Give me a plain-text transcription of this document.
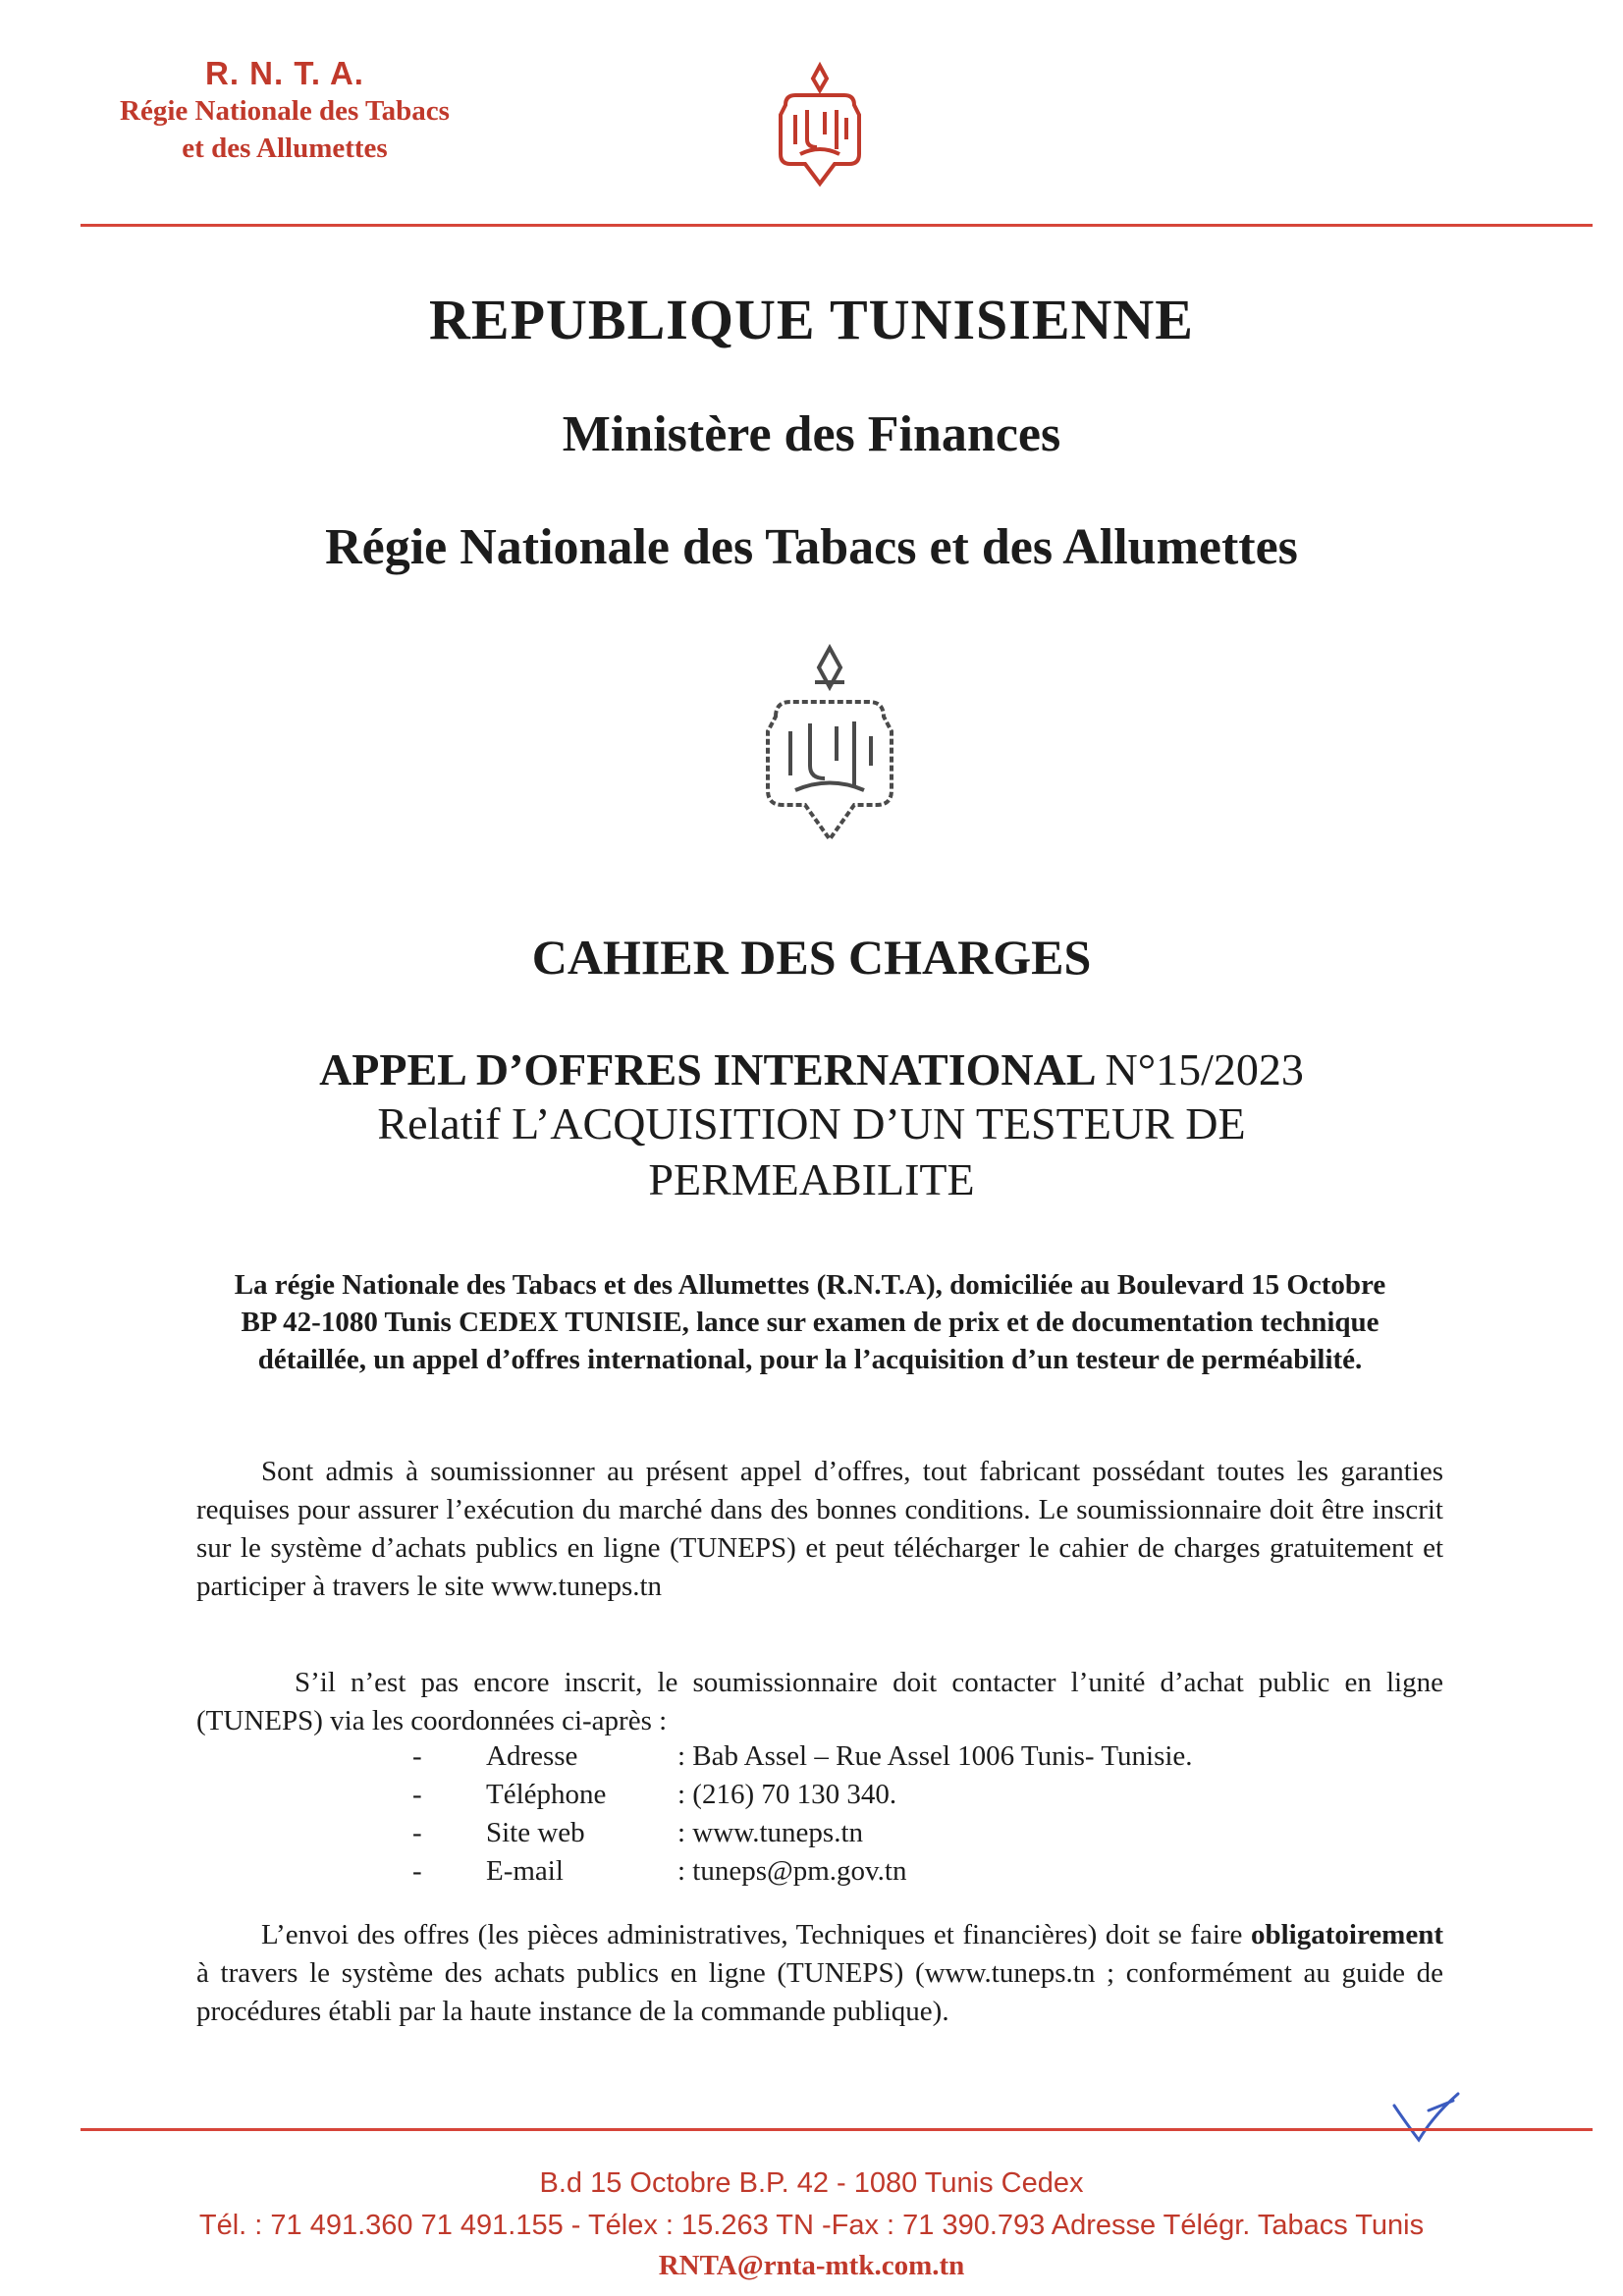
R. N. T. A.
Régie Nationale des Tabacs
et des Allumettes
REPUBLIQUE TUNISIENNE
Ministère des Finances
Régie Nationale des Tabacs et des Allumettes
CAHIER DES CHARGES
APPEL D’OFFRES INTERNATIONAL N°15/2023
Relatif L’ACQUISITION D’UN TESTEUR DE
PERMEABILITE
La régie Nationale des Tabacs et des Allumettes (R.N.T.A), domiciliée au Boulevard 15 Octobre BP 42-1080 Tunis CEDEX TUNISIE, lance sur examen de prix et de documentation technique détaillée, un appel d’offres international, pour la l’acquisition d’un testeur de perméabilité.
Sont admis à soumissionner au présent appel d’offres, tout fabricant possédant toutes les garanties requises pour assurer l’exécution du marché dans des bonnes conditions. Le soumissionnaire doit être inscrit sur le système d’achats publics en ligne (TUNEPS) et peut télécharger le cahier de charges gratuitement et participer à travers le site www.tuneps.tn
S’il n’est pas encore inscrit, le soumissionnaire doit contacter l’unité d’achat public en ligne (TUNEPS) via les coordonnées ci-après :
-	Adresse	: Bab Assel – Rue Assel 1006 Tunis- Tunisie.
-	Téléphone	: (216) 70 130 340.
-	Site web	: www.tuneps.tn
-	E-mail	: tuneps@pm.gov.tn
L’envoi des offres (les pièces administratives, Techniques et financières) doit se faire obligatoirement à travers le système des achats publics en ligne (TUNEPS) (www.tuneps.tn ; conformément au guide de procédures établi par la haute instance de la commande publique).
B.d 15 Octobre B.P. 42 - 1080 Tunis Cedex
Tél. : 71 491.360 71 491.155 - Télex : 15.263 TN -Fax : 71 390.793 Adresse Télégr. Tabacs Tunis
RNTA@rnta-mtk.com.tn
